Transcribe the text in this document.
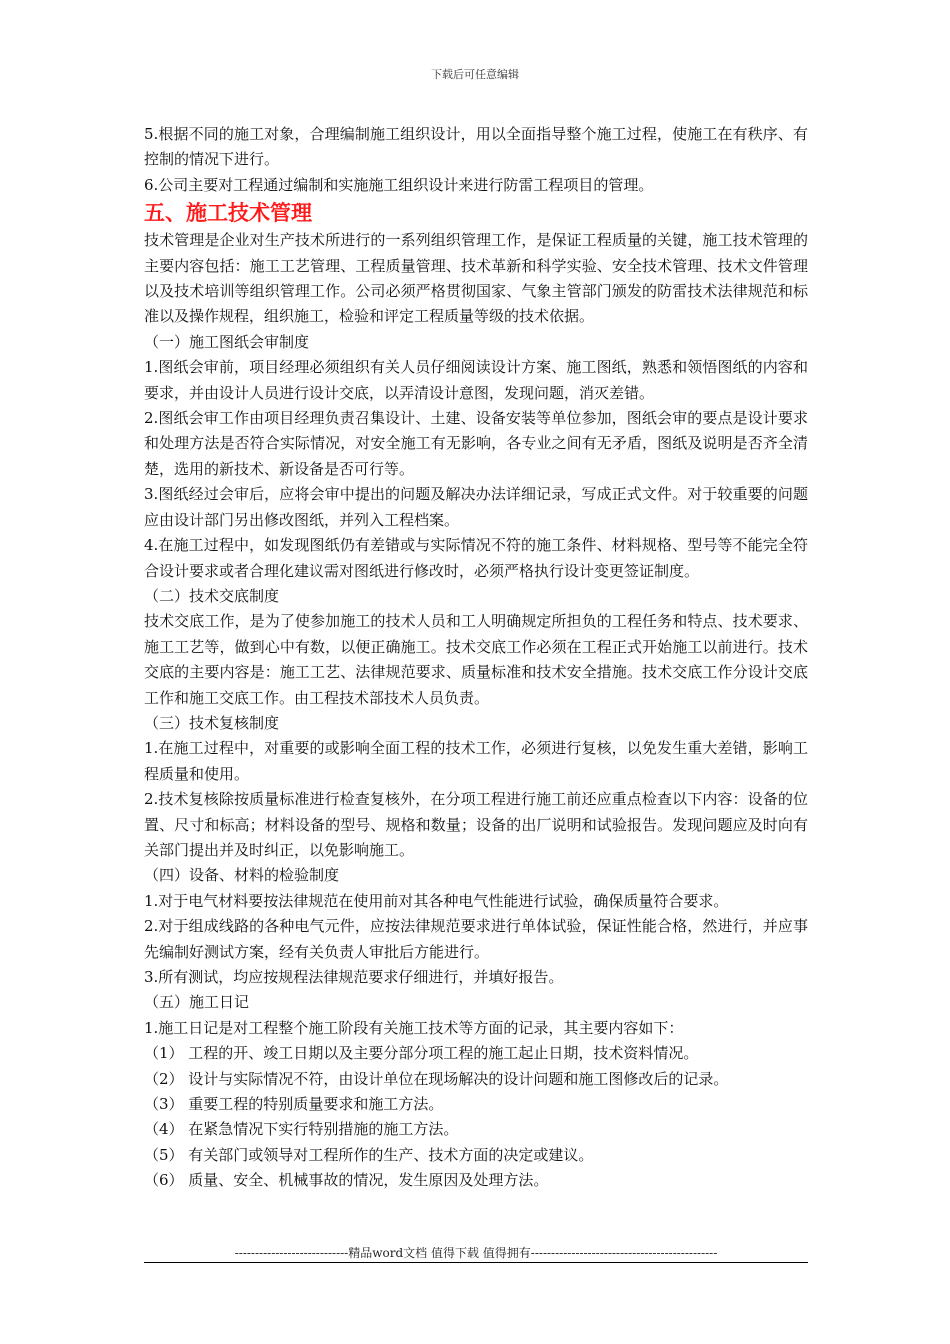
下载后可任意编辑

5.根据不同的施工对象，合理编制施工组织设计，用以全面指导整个施工过程，使施工在有秩序、有控制的情况下进行。

6.公司主要对工程通过编制和实施施工组织设计来进行防雷工程项目的管理。

五、施工技术管理

技术管理是企业对生产技术所进行的一系列组织管理工作，是保证工程质量的关键，施工技术管理的主要内容包括：施工工艺管理、工程质量管理、技术革新和科学实验、安全技术管理、技术文件管理以及技术培训等组织管理工作。公司必须严格贯彻国家、气象主管部门颁发的防雷技术法律规范和标准以及操作规程，组织施工，检验和评定工程质量等级的技术依据。

（一）施工图纸会审制度

1.图纸会审前，项目经理必须组织有关人员仔细阅读设计方案、施工图纸，熟悉和领悟图纸的内容和要求，并由设计人员进行设计交底，以弄清设计意图，发现问题，消灭差错。

2.图纸会审工作由项目经理负责召集设计、土建、设备安装等单位参加，图纸会审的要点是设计要求和处理方法是否符合实际情况，对安全施工有无影响，各专业之间有无矛盾，图纸及说明是否齐全清楚，选用的新技术、新设备是否可行等。

3.图纸经过会审后，应将会审中提出的问题及解决办法详细记录，写成正式文件。对于较重要的问题应由设计部门另出修改图纸，并列入工程档案。

4.在施工过程中，如发现图纸仍有差错或与实际情况不符的施工条件、材料规格、型号等不能完全符合设计要求或者合理化建议需对图纸进行修改时，必须严格执行设计变更签证制度。

（二）技术交底制度

技术交底工作，是为了使参加施工的技术人员和工人明确规定所担负的工程任务和特点、技术要求、施工工艺等，做到心中有数，以便正确施工。技术交底工作必须在工程正式开始施工以前进行。技术交底的主要内容是：施工工艺、法律规范要求、质量标准和技术安全措施。技术交底工作分设计交底工作和施工交底工作。由工程技术部技术人员负责。

（三）技术复核制度

1.在施工过程中，对重要的或影响全面工程的技术工作，必须进行复核，以免发生重大差错，影响工程质量和使用。

2.技术复核除按质量标准进行检查复核外，在分项工程进行施工前还应重点检查以下内容：设备的位置、尺寸和标高；材料设备的型号、规格和数量；设备的出厂说明和试验报告。发现问题应及时向有关部门提出并及时纠正，以免影响施工。

（四）设备、材料的检验制度

1.对于电气材料要按法律规范在使用前对其各种电气性能进行试验，确保质量符合要求。

2.对于组成线路的各种电气元件，应按法律规范要求进行单体试验，保证性能合格，然进行，并应事先编制好测试方案，经有关负责人审批后方能进行。

3.所有测试，均应按规程法律规范要求仔细进行，并填好报告。

（五）施工日记

1.施工日记是对工程整个施工阶段有关施工技术等方面的记录，其主要内容如下：

（1） 工程的开、竣工日期以及主要分部分项工程的施工起止日期，技术资料情况。

（2） 设计与实际情况不符，由设计单位在现场解决的设计问题和施工图修改后的记录。

（3） 重要工程的特别质量要求和施工方法。

（4） 在紧急情况下实行特别措施的施工方法。

（5） 有关部门或领导对工程所作的生产、技术方面的决定或建议。

（6） 质量、安全、机械事故的情况，发生原因及处理方法。

----------------------------精品word文档 值得下载 值得拥有----------------------------------------------
